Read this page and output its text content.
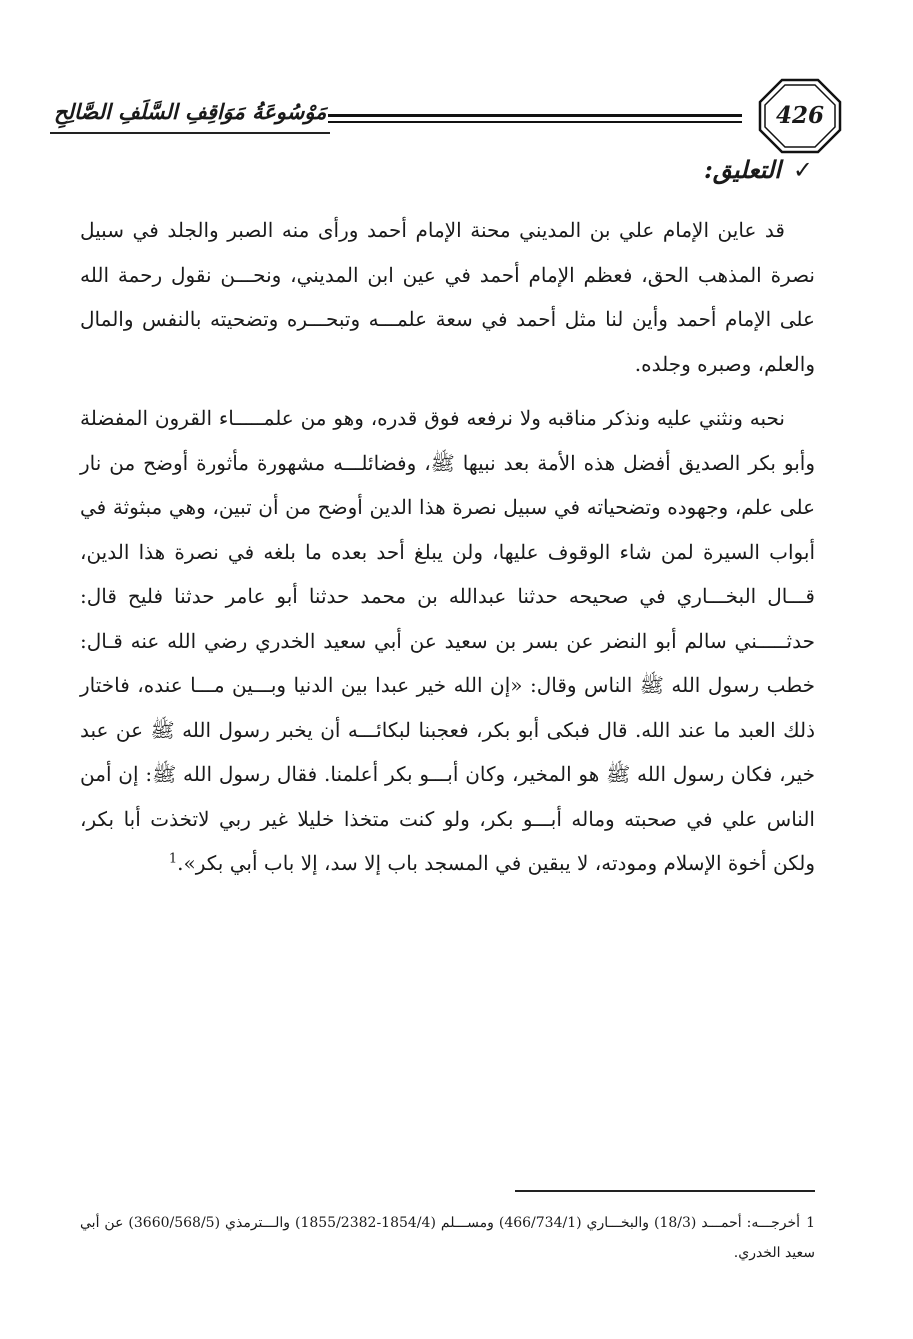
مَوْسُوعَةُ مَوَاقِفِ السَّلَفِ الصَّالِحِ	426
✓التعليق:

قد عاين الإمام علي بن المديني محنة الإمام أحمد ورأى منه الصبر والجلد في سبيل نصرة المذهب الحق، فعظم الإمام أحمد في عين ابن المديني، ونحـــن نقول رحمة الله على الإمام أحمد وأين لنا مثل أحمد في سعة علمـــه وتبحـــره وتضحيته بالنفس والمال والعلم، وصبره وجلده.

نحبه ونثني عليه ونذكر مناقبه ولا نرفعه فوق قدره، وهو من علمـــــاء القرون المفضلة وأبو بكر الصديق أفضل هذه الأمة بعد نبيها ﷺ، وفضائلـــه مشهورة مأثورة أوضح من نار على علم، وجهوده وتضحياته في سبيل نصرة هذا الدين أوضح من أن تبين، وهي مبثوثة في أبواب السيرة لمن شاء الوقوف عليها، ولن يبلغ أحد بعده ما بلغه في نصرة هذا الدين، قـــال البخـــاري في صحيحه حدثنا عبدالله بن محمد حدثنا أبو عامر حدثنا فليح قال: حدثـــــني سالم أبو النضر عن بسر بن سعيد عن أبي سعيد الخدري رضي الله عنه قـال: خطب رسول الله ﷺ الناس وقال: «إن الله خير عبدا بين الدنيا وبـــين مـــا عنده، فاختار ذلك العبد ما عند الله. قال فبكى أبو بكر، فعجبنا لبكائـــه أن يخبر رسول الله ﷺ عن عبد خير، فكان رسول الله ﷺ هو المخير، وكان أبـــو بكر أعلمنا. فقال رسول الله ﷺ: إن أمن الناس علي في صحبته وماله أبـــو بكر، ولو كنت متخذا خليلا غير ربي لاتخذت أبا بكر، ولكن أخوة الإسلام ومودته، لا يبقين في المسجد باب إلا سد، إلا باب أبي بكر».$^1$

1أخرجـــه: أحمـــد (18/3) والبخـــاري (466/734/1) ومســـلم (1854/4-1855/2382) والـــترمذي (3660/568/5) عن أبي سعيد الخدري.
